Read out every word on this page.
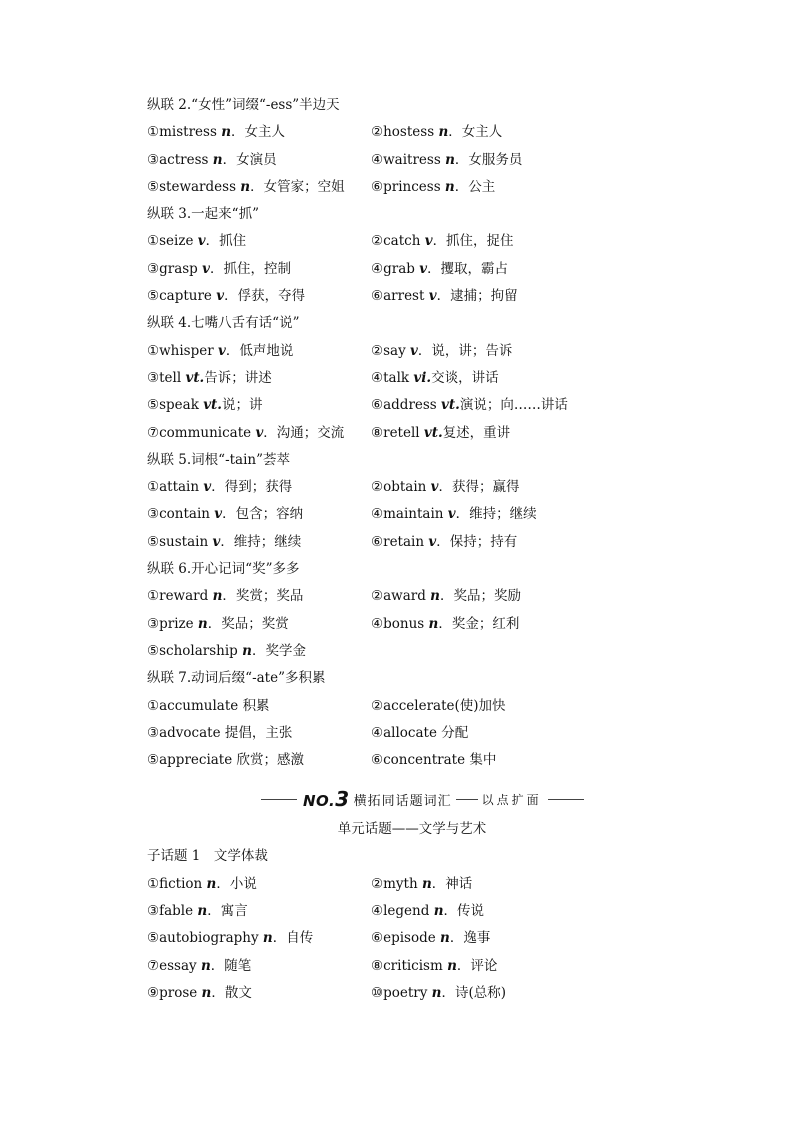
纵联 2.“女性”词缀“-ess”半边天
①mistress n．女主人	②hostess n．女主人
③actress n．女演员	④waitress n．女服务员
⑤stewardess n．女管家；空姐 ⑥princess n．公主
纵联 3.一起来“抓”
①seize v．抓住	②catch v．抓住，捉住
③grasp v．抓住，控制	④grab v．攫取，霸占
⑤capture v．俘获，夺得	⑥arrest v．逮捕；拘留
纵联 4.七嘴八舌有话“说”
①whisper v．低声地说	②say v．说，讲；告诉
③tell vt.告诉；讲述	④talk vi.交谈，讲话
⑤speak vt.说；讲	⑥address vt.演说；向……讲话
⑦communicate v．沟通；交流 ⑧retell vt.复述，重讲
纵联 5.词根“-tain”荟萃
①attain v．得到；获得	②obtain v．获得；赢得
③contain v．包含；容纳	④maintain v．维持；继续
⑤sustain v．维持；继续	⑥retain v．保持；持有
纵联 6.开心记词“奖”多多
①reward n．奖赏；奖品	②award n．奖品；奖励
③prize n．奖品；奖赏	④bonus n．奖金；红利
⑤scholarship n．奖学金
纵联 7.动词后缀“-ate”多积累
①accumulate 积累	②accelerate(使)加快
③advocate 提倡，主张	④allocate 分配
⑤appreciate 欣赏；感激	⑥concentrate 集中
NO.3 横拓同话题词汇	以点扩面
单元话题——文学与艺术
子话题 1　文学体裁
①fiction n．小说	②myth n．神话
③fable n．寓言	④legend n．传说
⑤autobiography n．自传	⑥episode n．逸事
⑦essay n．随笔	⑧criticism n．评论
⑨prose n．散文	⑩poetry n．诗(总称)
